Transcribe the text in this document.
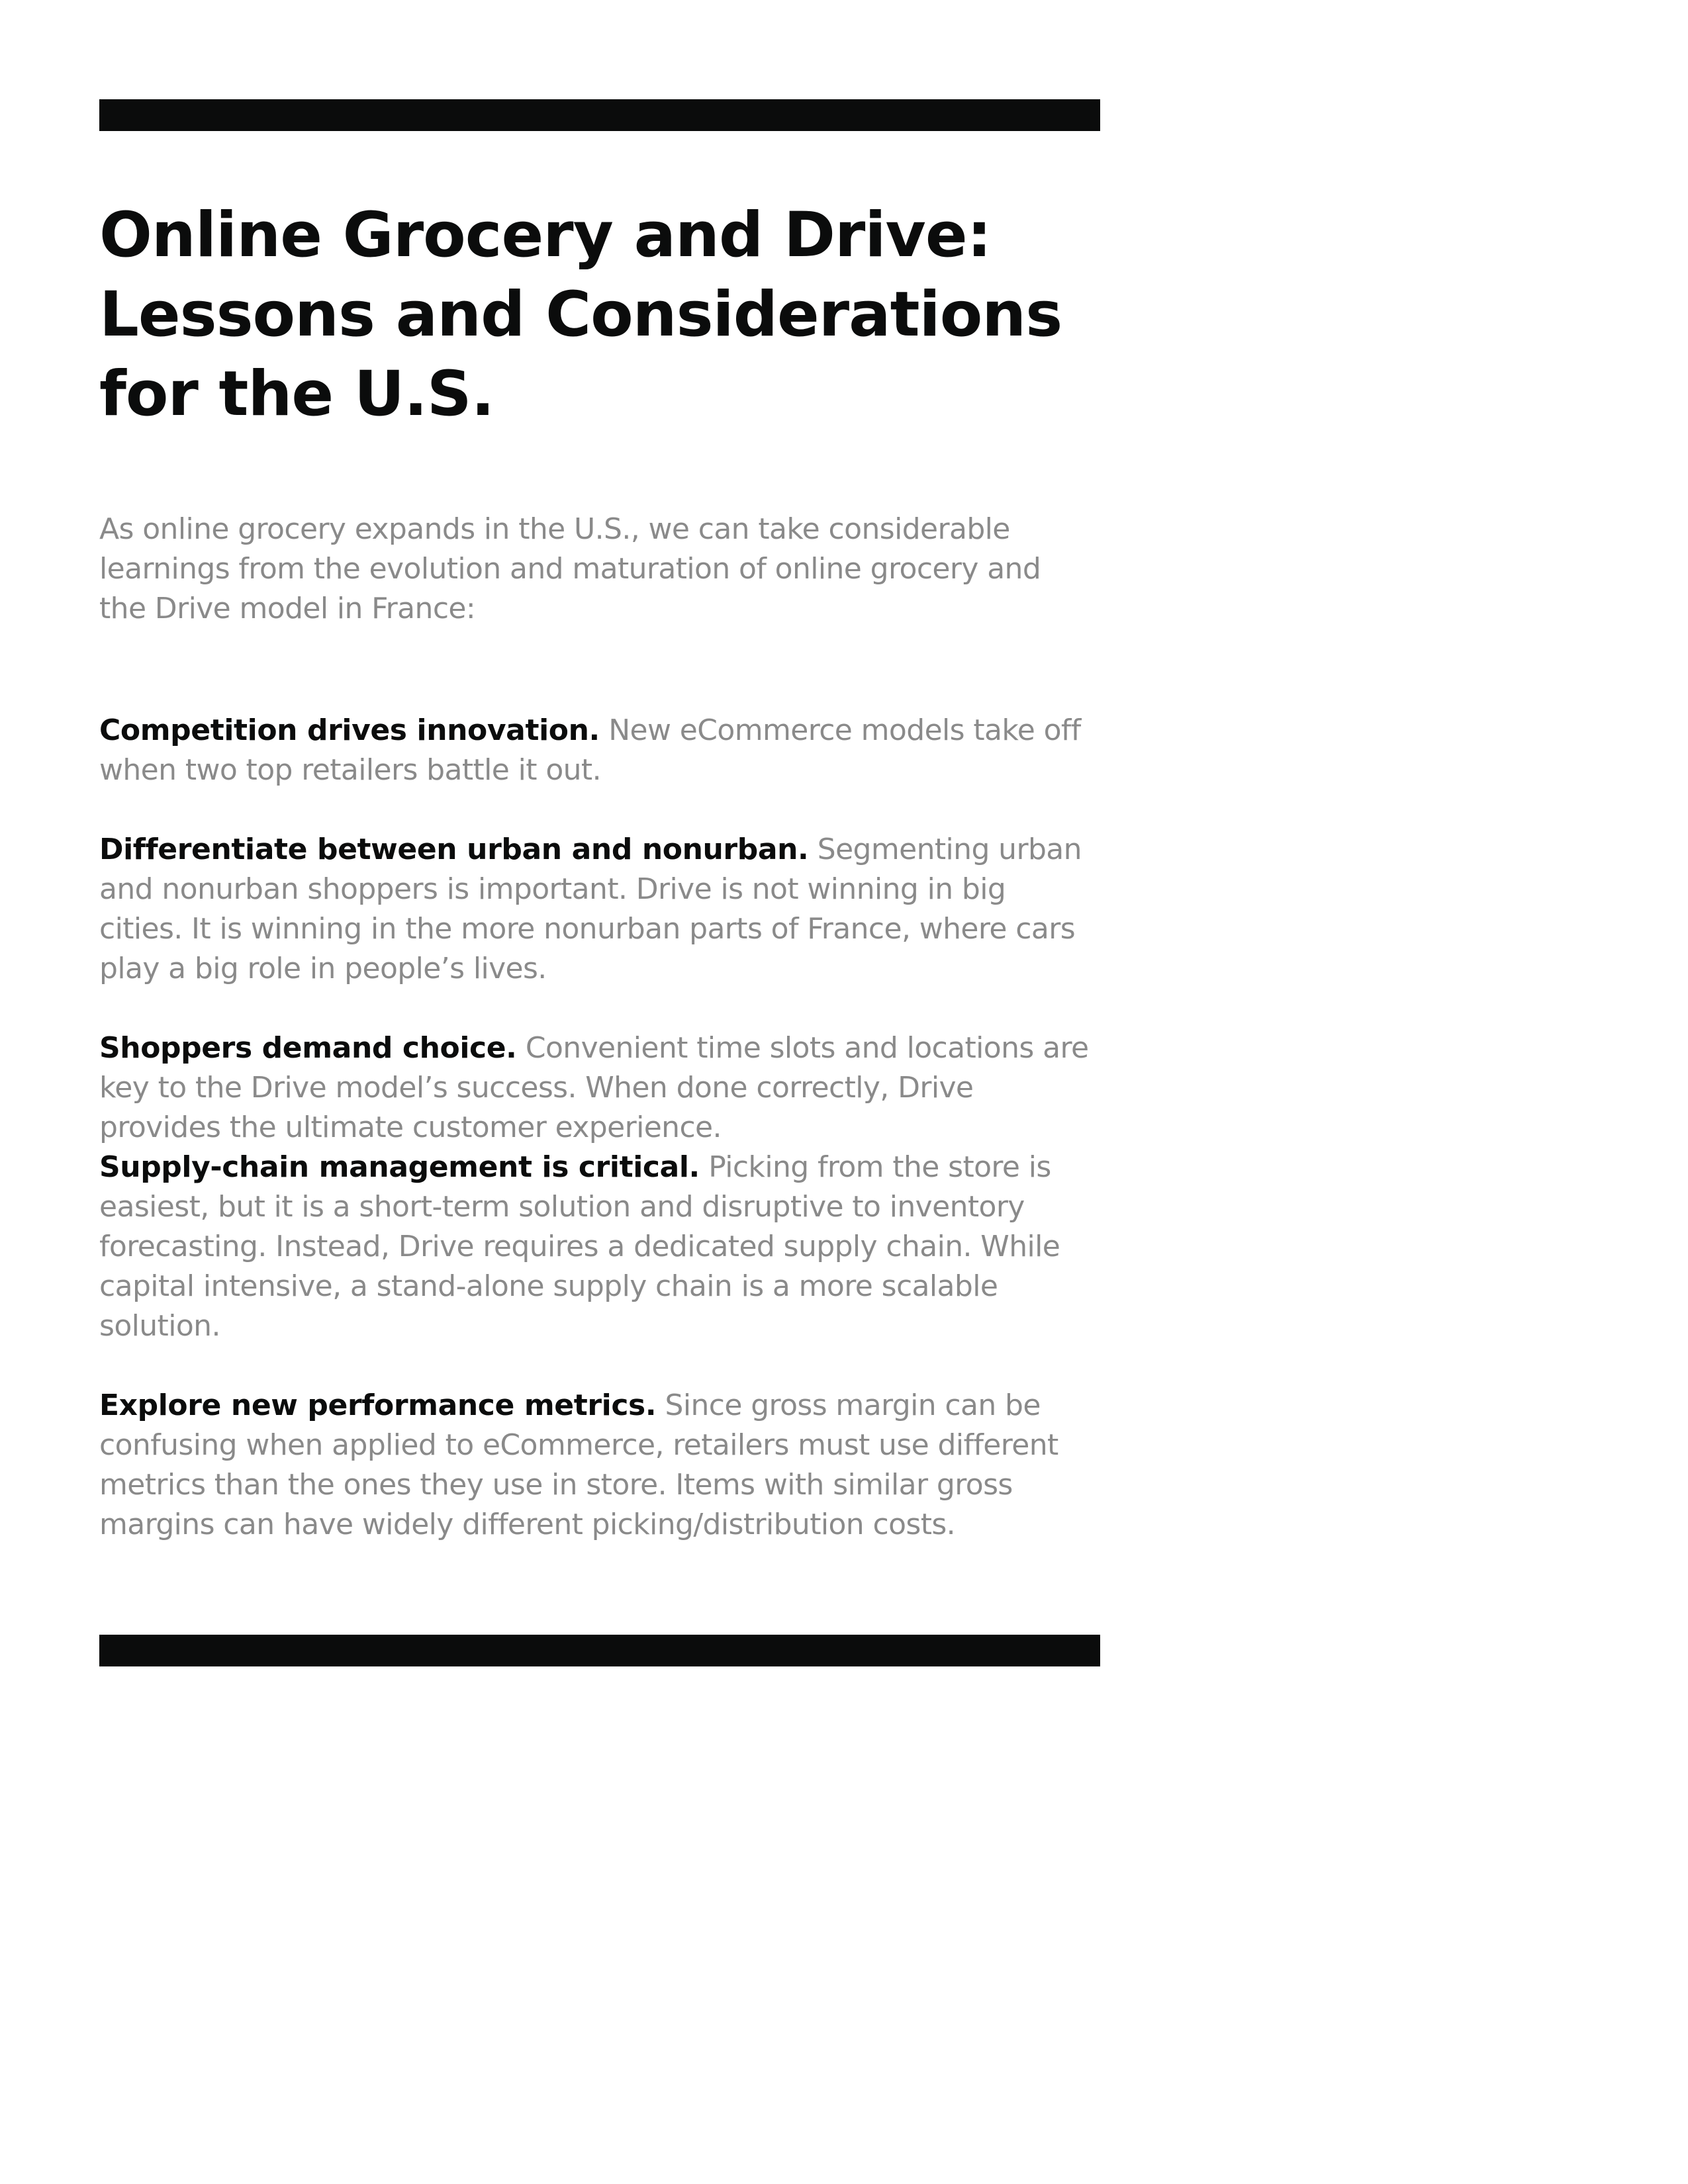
Online Grocery and Drive:
Lessons and Considerations
for the U.S.

As online grocery expands in the U.S., we can take considerable learnings from the evolution and maturation of online grocery and the Drive model in France:

Competition drives innovation. New eCommerce models take off when two top retailers battle it out.

Differentiate between urban and nonurban. Segmenting urban and nonurban shoppers is important. Drive is not winning in big cities. It is winning in the more nonurban parts of France, where cars play a big role in people’s lives.

Shoppers demand choice. Convenient time slots and locations are key to the Drive model’s success. When done correctly, Drive provides the ultimate customer experience.

Supply-chain management is critical. Picking from the store is easiest, but it is a short-term solution and disruptive to inventory forecasting. Instead, Drive requires a dedicated supply chain. While capital intensive, a stand-alone supply chain is a more scalable solution.

Explore new performance metrics. Since gross margin can be confusing when applied to eCommerce, retailers must use different metrics than the ones they use in store. Items with similar gross margins can have widely different picking/distribution costs.
